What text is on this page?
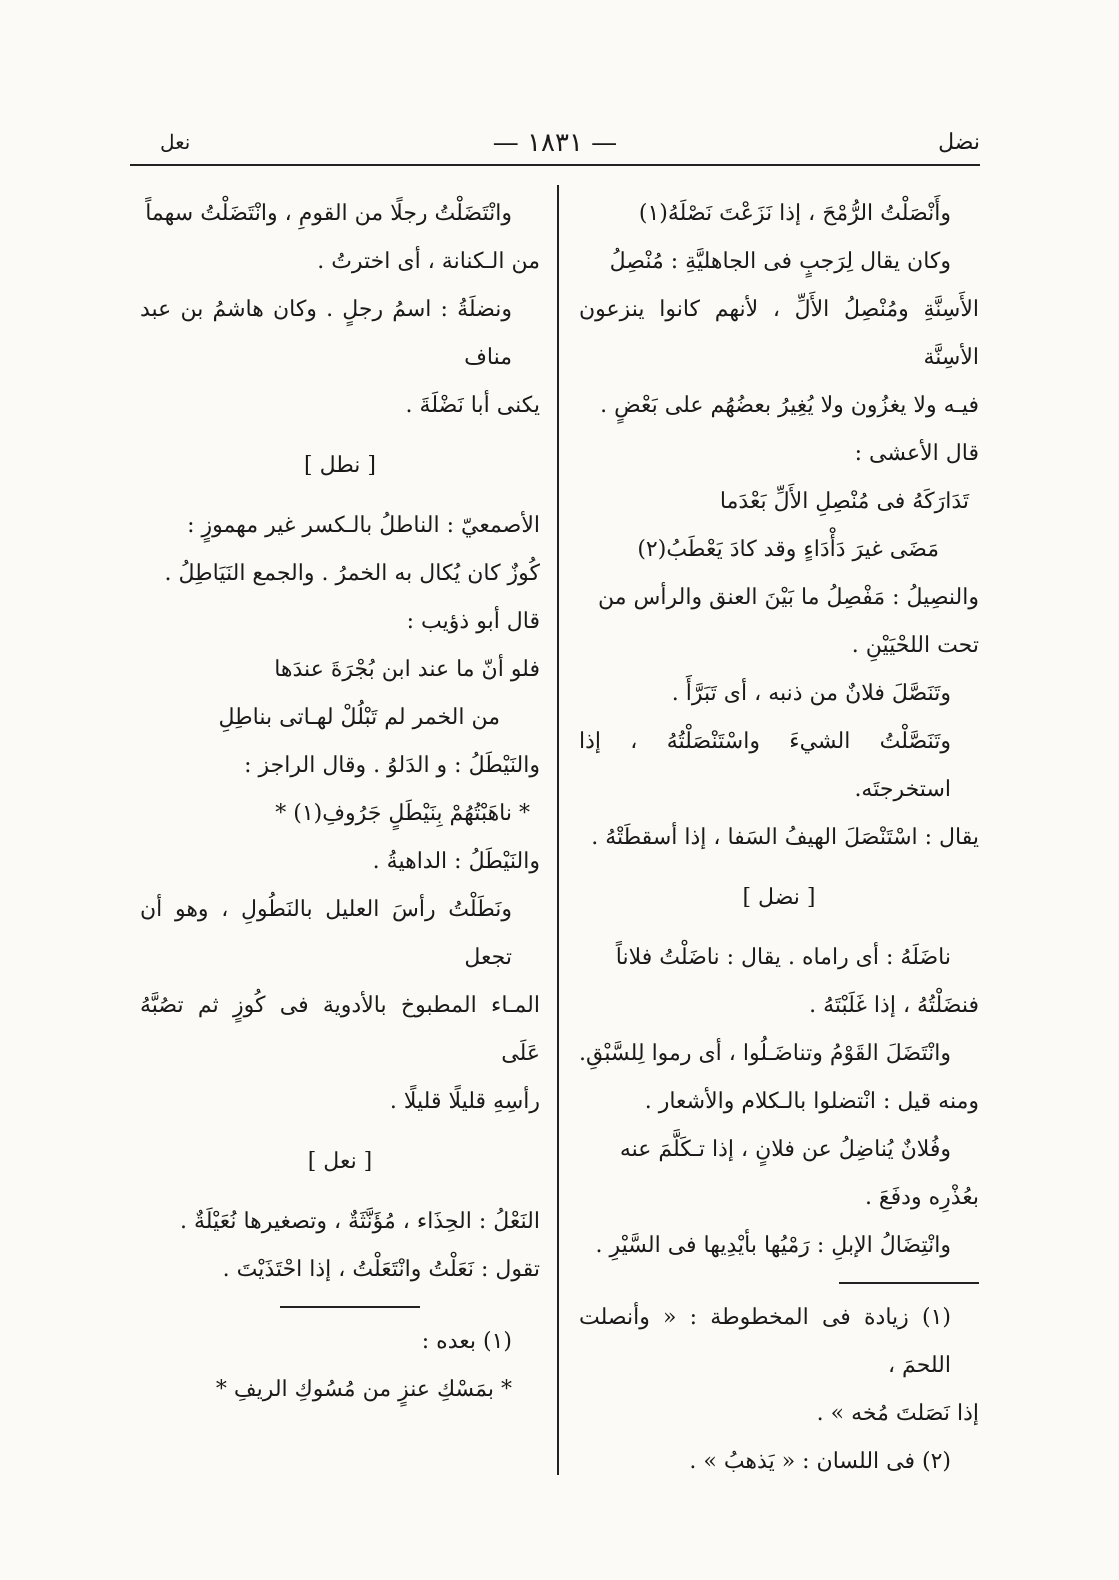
نضل
— ١٨٣١ —
نعل

وأَنْصَلْتُ الرُّمْحَ ، إذا نَزَعْتَ نَصْلَهُ(١)

وكان يقال لِرَجبٍ فى الجاهليَّةِ : مُنْصِلُ

الأَسِنَّةِ ومُنْصِلُ الأَلِّ ، لأنهم كانوا ينزعون الأسِنَّة

فيـه ولا يغزُون ولا يُغِيرُ بعضُهُم على بَعْضٍ .

قال الأعشى :

تَدَارَكَهُ فى مُنْصِلِ الأَلِّ بَعْدَما

مَضَى غيرَ دَأْدَاءٍ وقد كادَ يَعْطَبُ(٢)

والنصِيلُ : مَفْصِلُ ما بَيْنَ العنق والرأس من

تحت اللحْيَيْنِ .

وتَنَصَّلَ فلانٌ من ذنبه ، أى تَبَرَّأَ .

وتَنَصَّلْتُ الشيءَ واسْتَنْصَلْتُهُ ، إذا استخرجتَه.

يقال : اسْتَنْصَلَ الهيفُ السَفا ، إذا أسقطَتْهُ .

[ نضل ]

ناضَلَهُ : أى راماه . يقال : ناضَلْتُ فلاناً

فنضَلْتُهُ ، إذا غَلَبْتَهُ .

وانْتَضَلَ القَوْمُ وتناضَـلُوا ، أى رموا لِلسَّبْقِ.

ومنه قيل : انْتضلوا بالـكلام والأشعار .

وفُلانٌ يُناضِلُ عن فلانٍ ، إذا تـكَلَّمَ عنه

بعُذْرِه ودفَعَ .

وانْتِضَالُ الإبلِ : رَمْيُها بأيْدِيها فى السَّيْرِ .

(١) زيادة فى المخطوطة : « وأنصلت اللحمَ ،

إذا نَصَلتَ مُخه » .

(٢) فى اللسان : « يَذهبُ » .

وانْتَضَلْتُ رجلًا من القومِ ، وانْتَضَلْتُ سهماً

من الـكنانة ، أى اخترتُ .

ونضلَةُ : اسمُ رجلٍ . وكان هاشمُ بن عبد مناف

يكنى أبا نَضْلَةَ .

[ نطل ]

الأصمعيّ : الناطلُ بالـكسر غير مهموزٍ :

كُوزٌ كان يُكال به الخمرُ . والجمع النَيَاطِلُ .

قال أبو ذؤيب :

فلو أنّ ما عند ابن بُجْرَةَ عندَها

من الخمر لم تَبْلُلْ لهـاتى بناطِلِ

والنَيْطَلُ : و الدَلوُ . وقال الراجز :

* ناهَبْتُهُمْ بِنَيْطَلٍ جَرُوفِ(١) *

والنَيْطَلُ : الداهيةُ .

ونَطَلْتُ رأسَ العليل بالنَطُولِ ، وهو أن تجعل

المـاء المطبوخ بالأدوية فى كُوزٍ ثم تصُبَّهُ عَلَى

رأسِهِ قليلًا قليلًا .

[ نعل ]

النَعْلُ : الحِذَاء ، مُؤَنَّثَةٌ ، وتصغيرها نُعَيْلَةٌ .

تقول : نَعَلْتُ وانْتَعَلْتُ ، إذا احْتَذَيْتَ .

(١) بعده :

* بمَسْكِ عنزٍ من مُسُوكِ الريفِ *
